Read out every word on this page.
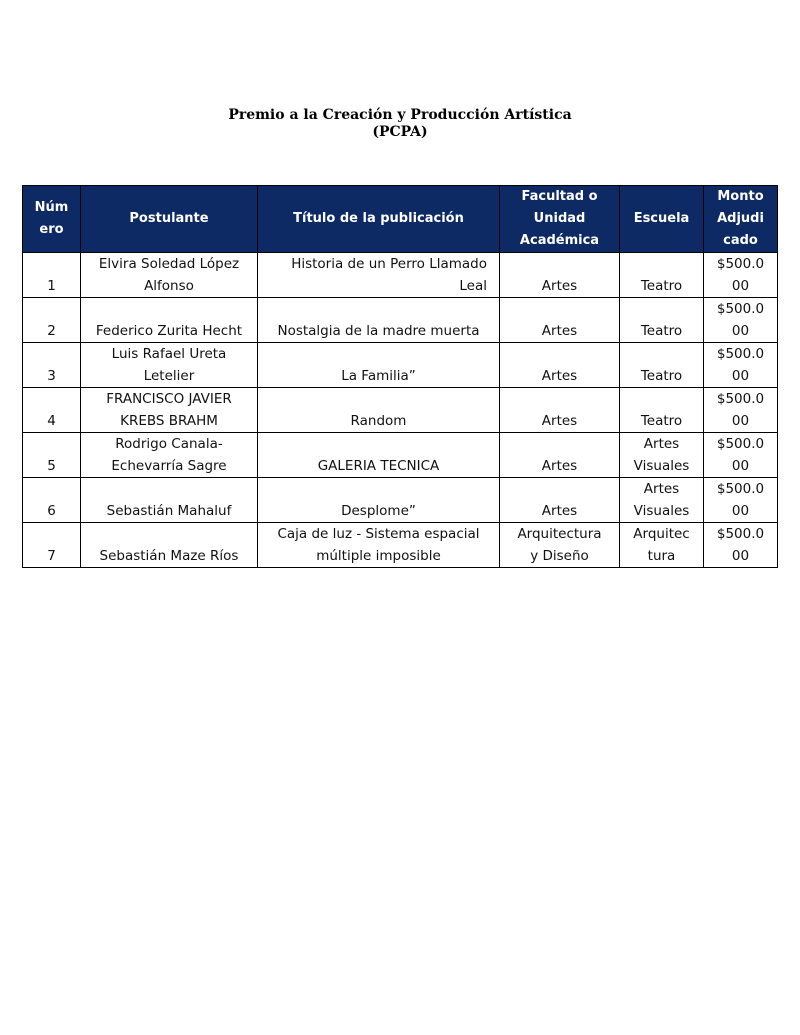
Premio a la Creación y Producción Artística
(PCPA)
Núm
ero	Postulante	Título de la publicación	Facultad o
Unidad
Académica	Escuela	Monto
Adjudi
cado

1	Elvira Soledad López
Alfonso	Historia de un Perro Llamado
Leal	Artes	Teatro	$500.0
00

2	Federico Zurita Hecht	Nostalgia de la madre muerta	Artes	Teatro	$500.0
00

3	Luis Rafael Ureta
Letelier	La Familia”	Artes	Teatro	$500.0
00

4	FRANCISCO JAVIER
KREBS BRAHM	Random	Artes	Teatro	$500.0
00

5	Rodrigo Canala-
Echevarría Sagre	GALERIA TECNICA	Artes	Artes
Visuales	$500.0
00

6	Sebastián Mahaluf	Desplome”	Artes	Artes
Visuales	$500.0
00

7	Sebastián Maze Ríos	Caja de luz - Sistema espacial
múltiple imposible	Arquitectura
y Diseño	Arquitec
tura	$500.0
00
